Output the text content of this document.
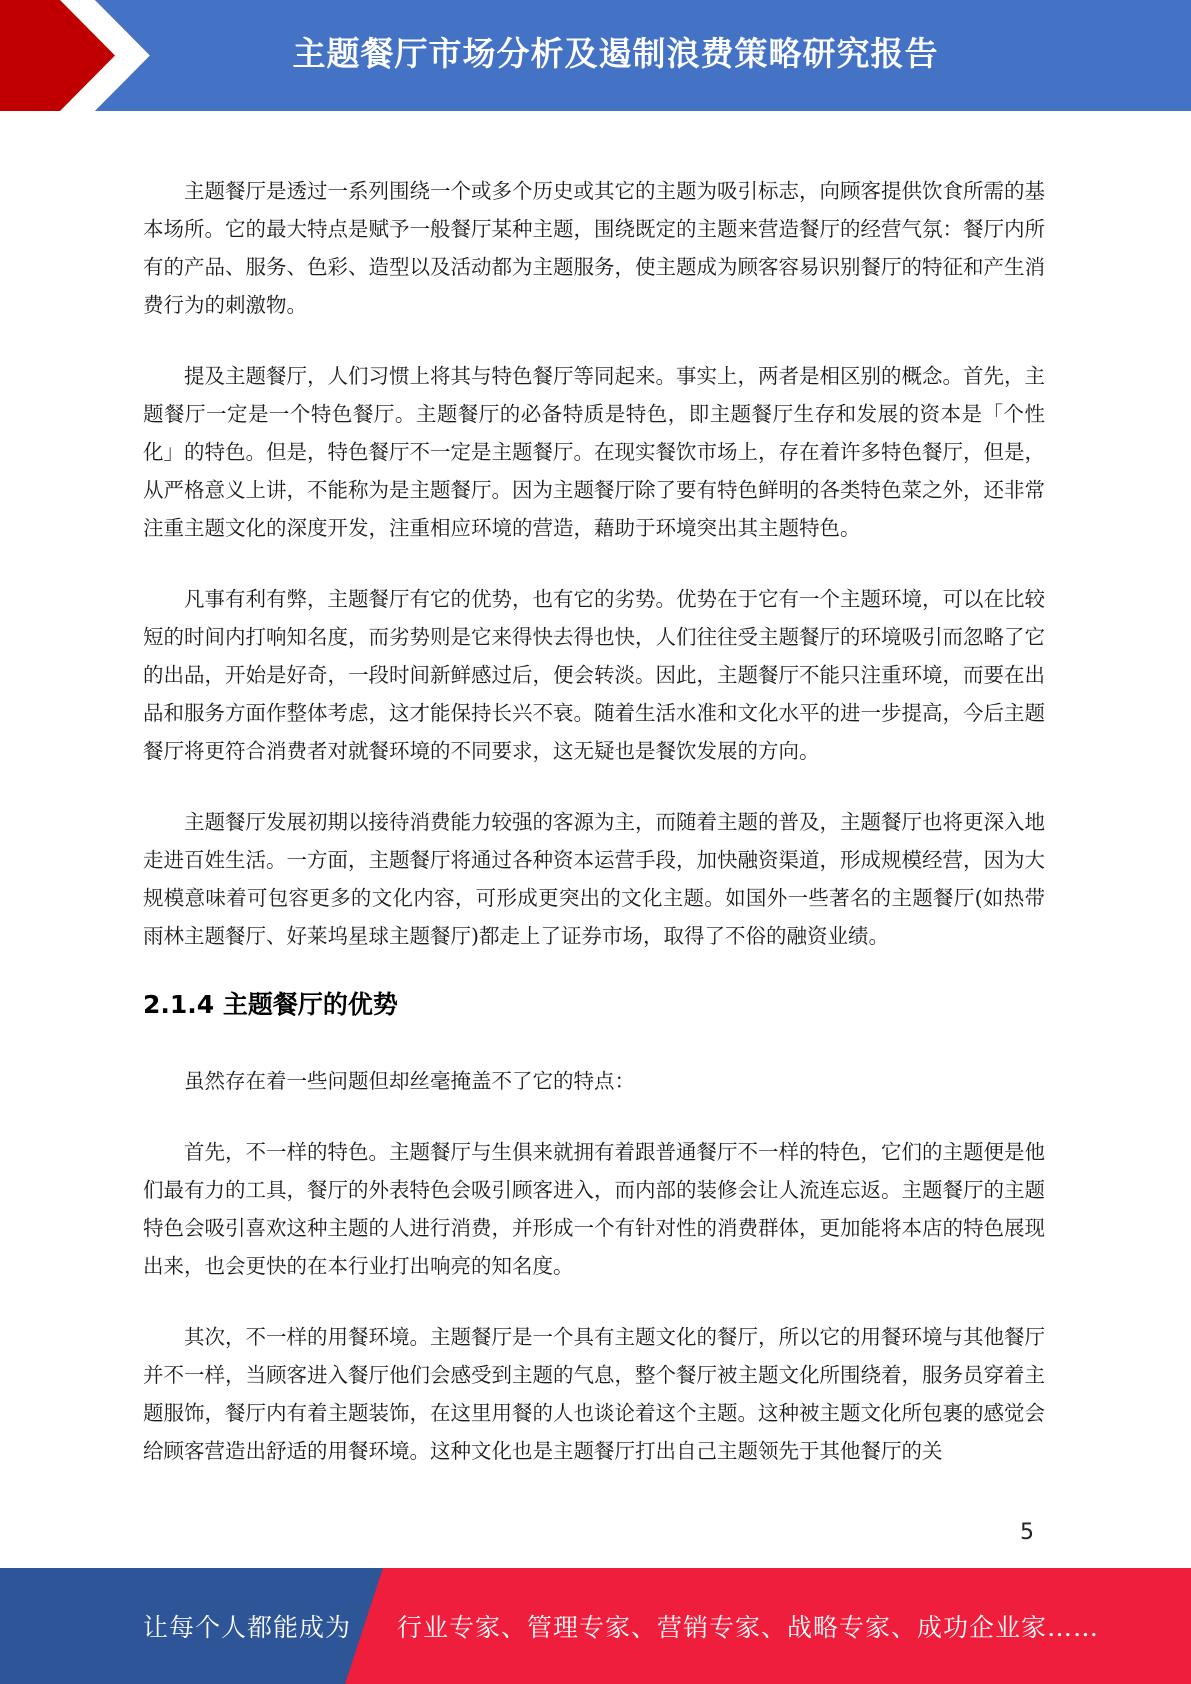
主题餐厅市场分析及遏制浪费策略研究报告

主题餐厅是透过一系列围绕一个或多个历史或其它的主题为吸引标志，向顾客提供饮食所需的基本场所。它的最大特点是赋予一般餐厅某种主题，围绕既定的主题来营造餐厅的经营气氛：餐厅内所有的产品、服务、色彩、造型以及活动都为主题服务，使主题成为顾客容易识别餐厅的特征和产生消费行为的刺激物。

提及主题餐厅，人们习惯上将其与特色餐厅等同起来。事实上，两者是相区别的概念。首先，主题餐厅一定是一个特色餐厅。主题餐厅的必备特质是特色，即主题餐厅生存和发展的资本是「个性化」的特色。但是，特色餐厅不一定是主题餐厅。在现实餐饮市场上，存在着许多特色餐厅，但是，从严格意义上讲，不能称为是主题餐厅。因为主题餐厅除了要有特色鲜明的各类特色菜之外，还非常注重主题文化的深度开发，注重相应环境的营造，藉助于环境突出其主题特色。

凡事有利有弊，主题餐厅有它的优势，也有它的劣势。优势在于它有一个主题环境，可以在比较短的时间内打响知名度，而劣势则是它来得快去得也快，人们往往受主题餐厅的环境吸引而忽略了它的出品，开始是好奇，一段时间新鲜感过后，便会转淡。因此，主题餐厅不能只注重环境，而要在出品和服务方面作整体考虑，这才能保持长兴不衰。随着生活水准和文化水平的进一步提高，今后主题餐厅将更符合消费者对就餐环境的不同要求，这无疑也是餐饮发展的方向。

主题餐厅发展初期以接待消费能力较强的客源为主，而随着主题的普及，主题餐厅也将更深入地走进百姓生活。一方面，主题餐厅将通过各种资本运营手段，加快融资渠道，形成规模经营，因为大规模意味着可包容更多的文化内容，可形成更突出的文化主题。如国外一些著名的主题餐厅(如热带雨林主题餐厅、好莱坞星球主题餐厅)都走上了证券市场，取得了不俗的融资业绩。

2.1.4 主题餐厅的优势

虽然存在着一些问题但却丝毫掩盖不了它的特点：

首先，不一样的特色。主题餐厅与生俱来就拥有着跟普通餐厅不一样的特色，它们的主题便是他们最有力的工具，餐厅的外表特色会吸引顾客进入，而内部的装修会让人流连忘返。主题餐厅的主题特色会吸引喜欢这种主题的人进行消费，并形成一个有针对性的消费群体，更加能将本店的特色展现出来，也会更快的在本行业打出响亮的知名度。

其次，不一样的用餐环境。主题餐厅是一个具有主题文化的餐厅，所以它的用餐环境与其他餐厅并不一样，当顾客进入餐厅他们会感受到主题的气息，整个餐厅被主题文化所围绕着，服务员穿着主题服饰，餐厅内有着主题装饰，在这里用餐的人也谈论着这个主题。这种被主题文化所包裹的感觉会给顾客营造出舒适的用餐环境。这种文化也是主题餐厅打出自己主题领先于其他餐厅的关

5
让每个人都能成为 行业专家、管理专家、营销专家、战略专家、成功企业家……
